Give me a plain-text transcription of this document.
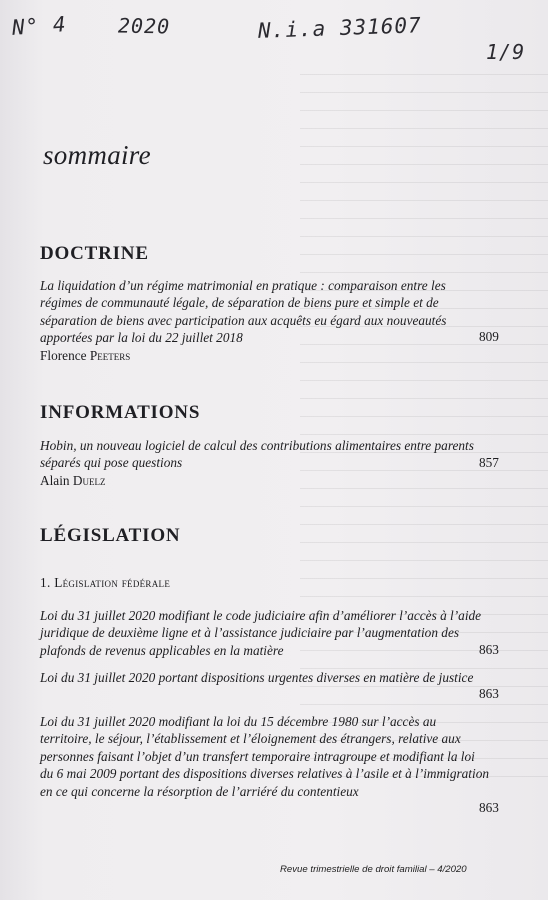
N° 4	2020	N.i.a 331607
1/9
sommaire
DOCTRINE
La liquidation d’un régime matrimonial en pratique : comparaison entre les régimes de communauté légale, de séparation de biens pure et simple et de séparation de biens avec participation aux acquêts eu égard aux nouveautés apportées par la loi du 22 juillet 2018
Florence Peeters
809
INFORMATIONS
Hobin, un nouveau logiciel de calcul des contributions alimentaires entre parents séparés qui pose questions
Alain Duelz
857
LÉGISLATION
1. Législation fédérale
Loi du 31 juillet 2020 modifiant le code judiciaire afin d’améliorer l’accès à l’aide juridique de deuxième ligne et à l’assistance judiciaire par l’augmentation des plafonds de revenus applicables en la matière	863
Loi du 31 juillet 2020 portant dispositions urgentes diverses en matière de justice
863
Loi du 31 juillet 2020 modifiant la loi du 15 décembre 1980 sur l’accès au territoire, le séjour, l’établissement et l’éloignement des étrangers, relative aux personnes faisant l’objet d’un transfert temporaire intragroupe et modifiant la loi du 6 mai 2009 portant des dispositions diverses relatives à l’asile et à l’immigration en ce qui concerne la résorption de l’arriéré du contentieux
863
Revue trimestrielle de droit familial – 4/2020
